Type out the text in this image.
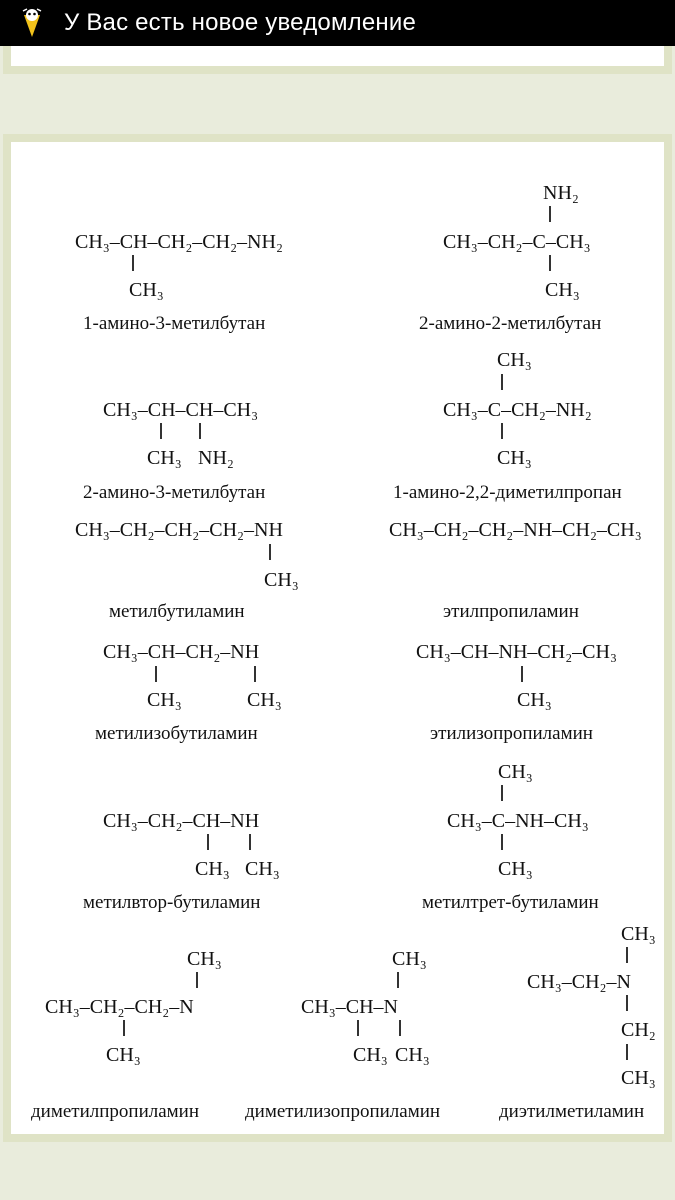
У Вас есть новое уведомление
CH₃–CH–CH₂–CH₂–NH₂
CH₃
1-амино-3-метилбутан
NH₂
CH₃–CH₂–C–CH₃
CH₃
2-амино-2-метилбутан
CH₃–CH–CH–CH₃
CH₃ NH₂
2-амино-3-метилбутан
CH₃
CH₃–C–CH₂–NH₂
CH₃
1-амино-2,2-диметилпропан
CH₃–CH₂–CH₂–CH₂–NH
CH₃
метилбутиламин
CH₃–CH₂–CH₂–NH–CH₂–CH₃
этилпропиламин
CH₃–CH–CH₂–NH
CH₃	CH₃
метилизобутиламин
CH₃–CH–NH–CH₂–CH₃
CH₃
этилизопропиламин
CH₃–CH₂–CH–NH
CH₃ CH₃
метилвтор-бутиламин
CH₃
CH₃–C–NH–CH₃
CH₃
метилтрет-бутиламин
CH₃
CH₃–CH₂–CH₂–N
CH₃
диметилпропиламин
CH₃
CH₃–CH–N
CH₃ CH₃
диметилизопропиламин
CH₃
CH₃–CH₂–N
CH₂
CH₃
диэтилметиламин
